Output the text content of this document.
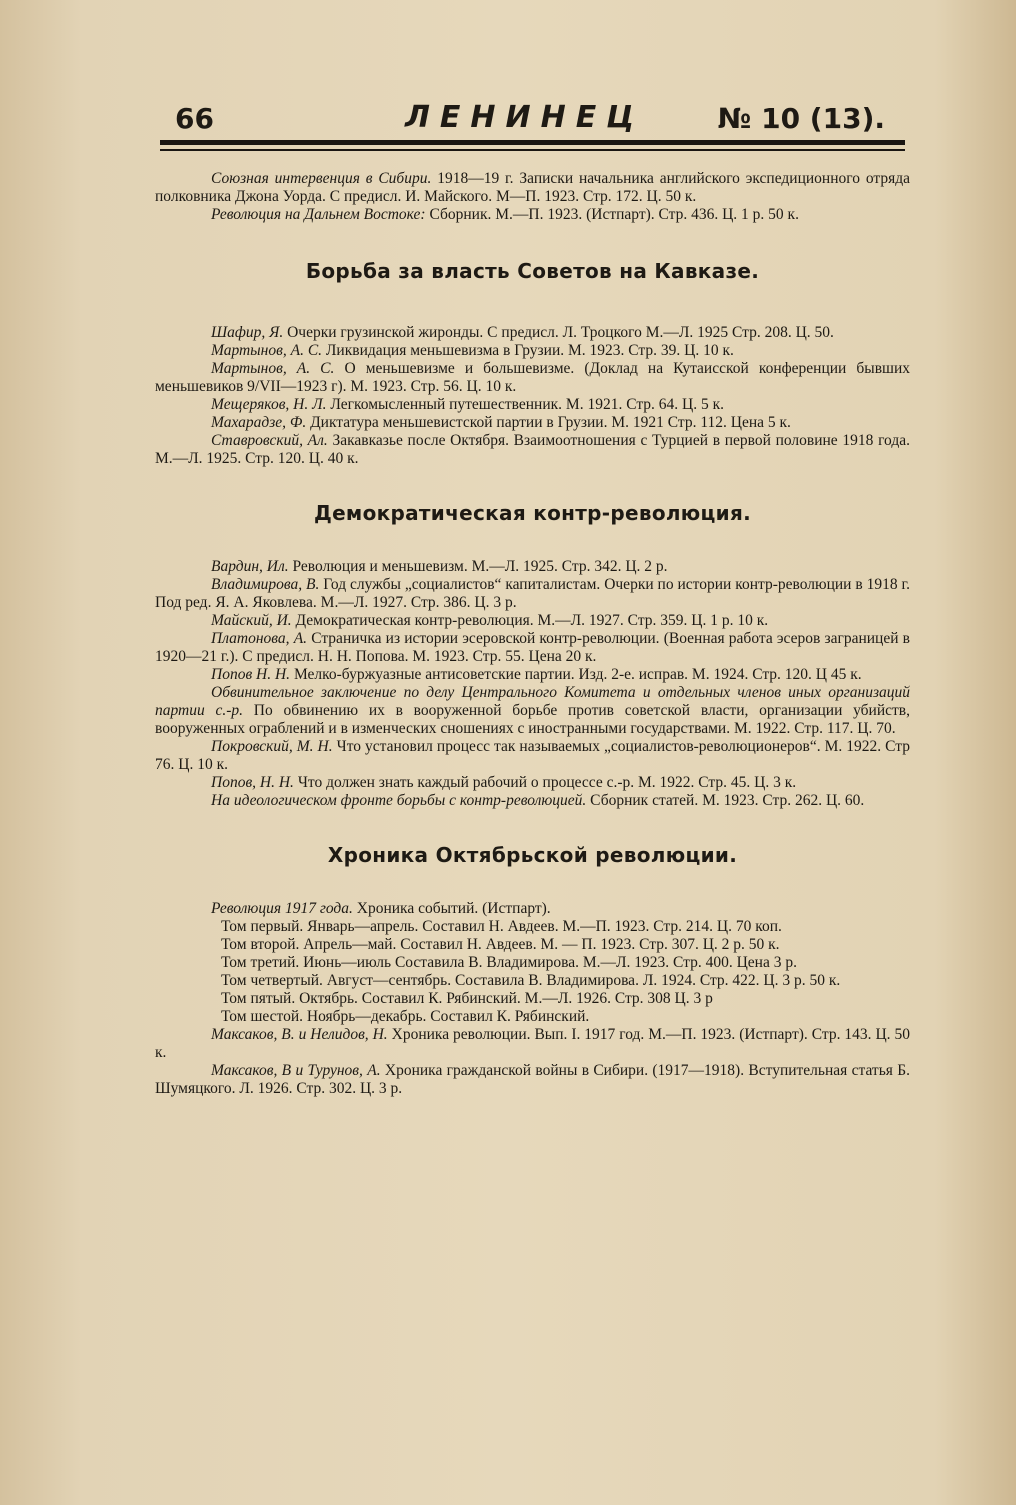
66	ЛЕНИНЕЦ	№ 10 (13).

Союзная интервенция в Сибири. 1918—19 г. Записки начальника английского экспедиционного отряда полковника Джона Уорда. С предисл. И. Майского. М—П. 1923. Стр. 172. Ц. 50 к.

Революция на Дальнем Востоке: Сборник. М.—П. 1923. (Истпарт). Стр. 436. Ц. 1 р. 50 к.

Борьба за власть Советов на Кавказе.

Шафир, Я. Очерки грузинской жиронды. С предисл. Л. Троцкого М.—Л. 1925 Стр. 208. Ц. 50.

Мартынов, А. С. Ликвидация меньшевизма в Грузии. М. 1923. Стр. 39. Ц. 10 к.

Мартынов, А. С. О меньшевизме и большевизме. (Доклад на Кутаисской конференции бывших меньшевиков 9/VII—1923 г). М. 1923. Стр. 56. Ц. 10 к.

Мещеряков, Н. Л. Легкомысленный путешественник. М. 1921. Стр. 64. Ц. 5 к.

Махарадзе, Ф. Диктатура меньшевистской партии в Грузии. М. 1921 Стр. 112. Цена 5 к.

Ставровский, Ал. Закавказье после Октября. Взаимоотношения с Турцией в первой половине 1918 года. М.—Л. 1925. Стр. 120. Ц. 40 к.

Демократическая контр-революция.

Вардин, Ил. Революция и меньшевизм. М.—Л. 1925. Стр. 342. Ц. 2 р.

Владимирова, В. Год службы „социалистов“ капиталистам. Очерки по истории контр-революции в 1918 г. Под ред. Я. А. Яковлева. М.—Л. 1927. Стр. 386. Ц. 3 р.

Майский, И. Демократическая контр-революция. М.—Л. 1927. Стр. 359. Ц. 1 р. 10 к.

Платонова, А. Страничка из истории эсеровской контр-революции. (Военная работа эсеров заграницей в 1920—21 г.). С предисл. Н. Н. Попова. М. 1923. Стр. 55. Цена 20 к.

Попов Н. Н. Мелко-буржуазные антисоветские партии. Изд. 2-е. исправ. М. 1924. Стр. 120. Ц 45 к.

Обвинительное заключение по делу Центрального Комитета и отдельных членов иных организаций партии с.-р. По обвинению их в вооруженной борьбе против советской власти, организации убийств, вооруженных ограблений и в изменческих сношениях с иностранными государствами. М. 1922. Стр. 117. Ц. 70.

Покровский, М. Н. Что установил процесс так называемых „социалистов-революционеров“. М. 1922. Стр 76. Ц. 10 к.

Попов, Н. Н. Что должен знать каждый рабочий о процессе с.-р. М. 1922. Стр. 45. Ц. 3 к.

На идеологическом фронте борьбы с контр-революцией. Сборник статей. М. 1923. Стр. 262. Ц. 60.

Хроника Октябрьской революции.

Революция 1917 года. Хроника событий. (Истпарт).

Том первый. Январь—апрель. Составил Н. Авдеев. М.—П. 1923. Стр. 214. Ц. 70 коп.

Том второй. Апрель—май. Составил Н. Авдеев. М. — П. 1923. Стр. 307. Ц. 2 р. 50 к.

Том третий. Июнь—июль Составила В. Владимирова. М.—Л. 1923. Стр. 400. Цена 3 р.

Том четвертый. Август—сентябрь. Составила В. Владимирова. Л. 1924. Стр. 422. Ц. 3 р. 50 к.

Том пятый. Октябрь. Составил К. Рябинский. М.—Л. 1926. Стр. 308 Ц. 3 р

Том шестой. Ноябрь—декабрь. Составил К. Рябинский.

Максаков, В. и Нелидов, Н. Хроника революции. Вып. I. 1917 год. М.—П. 1923. (Истпарт). Стр. 143. Ц. 50 к.

Максаков, В и Турунов, А. Хроника гражданской войны в Сибири. (1917—1918). Вступительная статья Б. Шумяцкого. Л. 1926. Стр. 302. Ц. 3 р.
